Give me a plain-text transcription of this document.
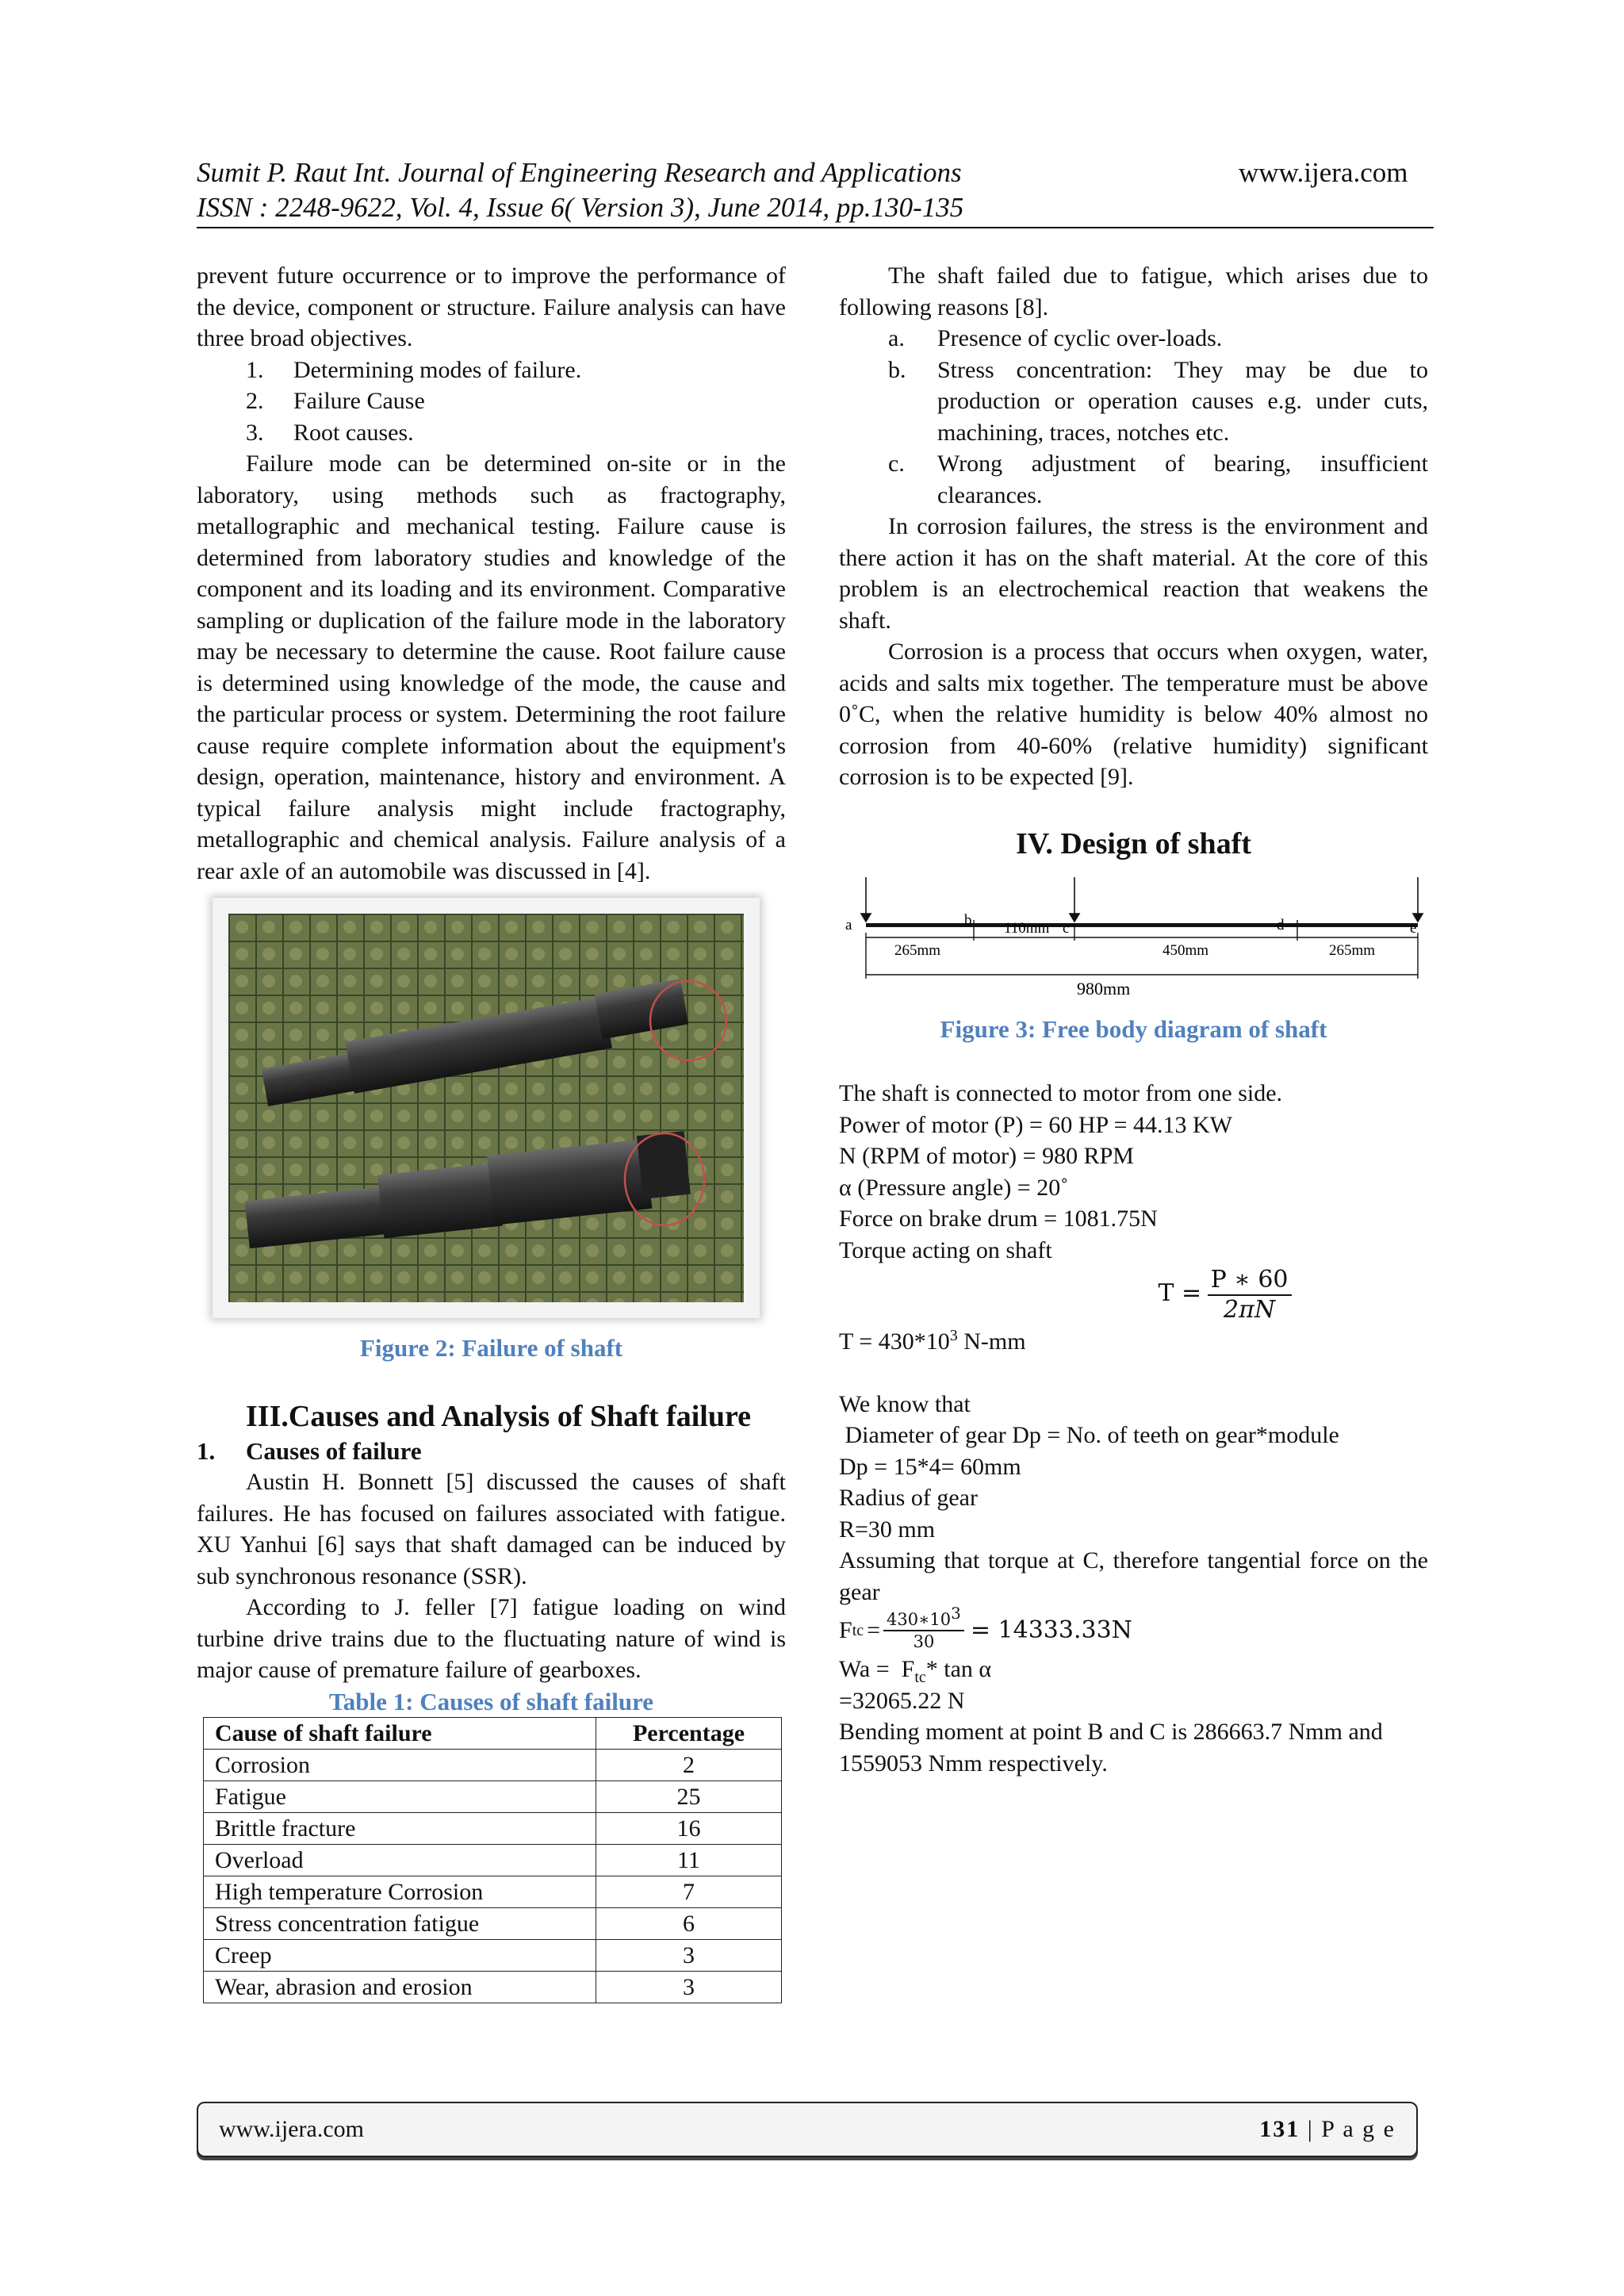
Sumit P. Raut Int. Journal of Engineering Research and Applications	www.ijera.com
ISSN : 2248-9622, Vol. 4, Issue 6( Version 3), June 2014, pp.130-135

prevent future occurrence or to improve the performance of the device, component or structure. Failure analysis can have three broad objectives.

1.	Determining modes of failure.
2.	Failure Cause
3.	Root causes.

Failure mode can be determined on-site or in the laboratory, using methods such as fractography, metallographic and mechanical testing. Failure cause is determined from laboratory studies and knowledge of the component and its loading and its environment. Comparative sampling or duplication of the failure mode in the laboratory may be necessary to determine the cause. Root failure cause is determined using knowledge of the mode, the cause and the particular process or system. Determining the root failure cause require complete information about the equipment's design, operation, maintenance, history and environment. A typical failure analysis might include fractography, metallographic and chemical analysis. Failure analysis of a rear axle of an automobile was discussed in [4].

Figure 2: Failure of shaft
III.Causes and Analysis of Shaft failure
1. Causes of failure

Austin H. Bonnett [5] discussed the causes of shaft failures. He has focused on failures associated with fatigue. XU Yanhui [6] says that shaft damaged can be induced by sub synchronous resonance (SSR).

According to J. feller [7] fatigue loading on wind turbine drive trains due to the fluctuating nature of wind is major cause of premature failure of gearboxes.

Table 1: Causes of shaft failure
Cause of shaft failure	Percentage
Corrosion	2
Fatigue	25
Brittle fracture	16
Overload	11
High temperature Corrosion	7
Stress concentration fatigue	6
Creep	3
Wear, abrasion and erosion	3

The shaft failed due to fatigue, which arises due to following reasons [8].

a.	Presence of cyclic over-loads.
b.	Stress concentration: They may be due to production or operation causes e.g. under cuts, machining, traces, notches etc.
c.	Wrong adjustment of bearing, insufficient clearances.

In corrosion failures, the stress is the environment and there action it has on the shaft material. At the core of this problem is an electrochemical reaction that weakens the shaft.

Corrosion is a process that occurs when oxygen, water, acids and salts mix together. The temperature must be above 0˚C, when the relative humidity is below 40% almost no corrosion from 40-60% (relative humidity) significant corrosion is to be expected [9].

IV. Design of shaft
a	b	c	d	e
265mm
110mm
450mm	265mm
980mm
Figure 3: Free body diagram of shaft

The shaft is connected to motor from one side.

Power of motor (P) = 60 HP = 44.13 KW

N (RPM of motor) = 980 RPM

α (Pressure angle) = 20˚

Force on brake drum = 1081.75N

Torque acting on shaft

$T = \frac{P ∗ 60}{2\pi N}$

$T = 430*10^3$ N-mm

We know that

Diameter of gear Dp = No. of teeth on gear*module

Dp = 15*4= 60mm

Radius of gear

R=30 mm

Assuming that torque at C, therefore tangential force on the gear

F tc = $\frac{430∗10^3}{30} = 14333.33N$

$Wa = F_{tc}*$ tan α

=32065.22 N

Bending moment at point B and C is 286663.7 Nmm and 1559053 Nmm respectively.

www.ijera.com	131 | P a g e
